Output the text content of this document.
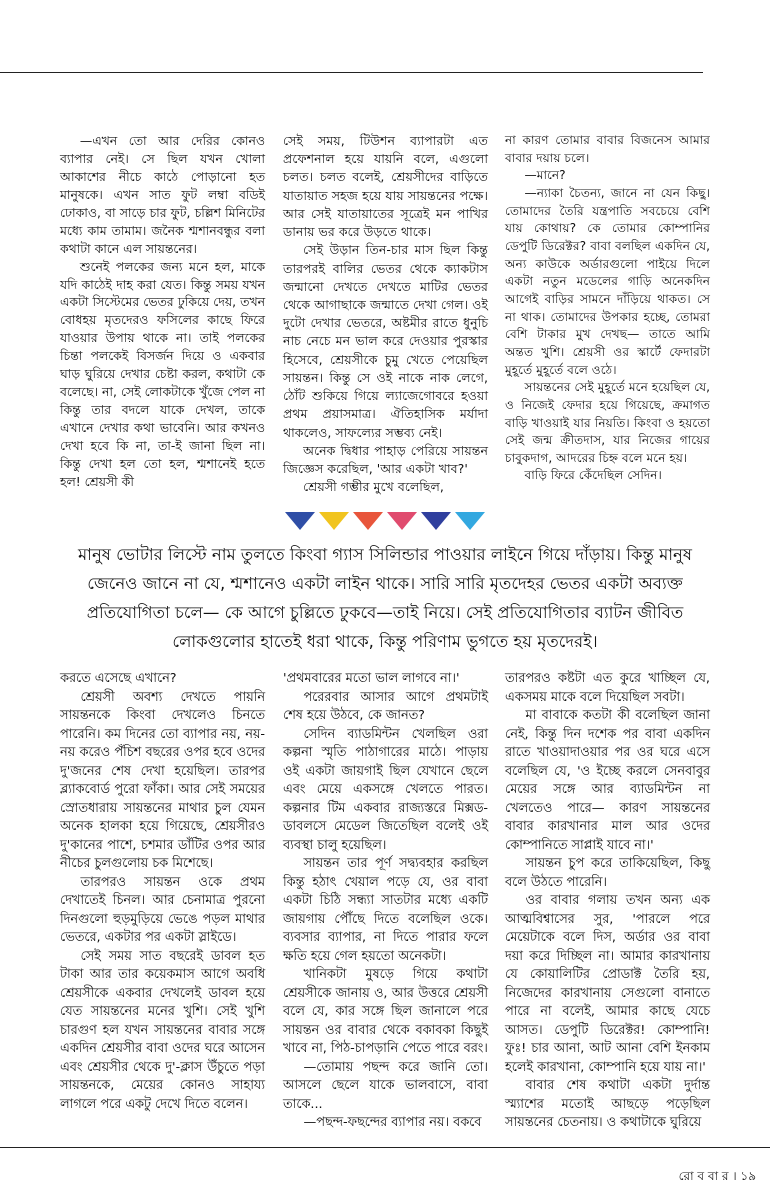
—এখন তো আর দেরির কোনও ব্যাপার নেই। সে ছিল যখন খোলা আকাশের নীচে কাঠে পোড়ানো হত মানুষকে। এখন সাত ফুট লম্বা বডিই ঢোকাও, বা সাড়ে চার ফুট, চল্লিশ মিনিটের মধ্যে কাম তামাম। জনৈক শ্মশানবন্ধুর বলা কথাটা কানে এল সায়ন্তনের।

শুনেই পলকের জন্য মনে হল, মাকে যদি কাঠেই দাহ করা যেত। কিন্তু সময় যখন একটা সিস্টেমের ভেতর ঢুকিয়ে দেয়, তখন বোধহয় মৃতদেরও ফসিলের কাছে ফিরে যাওয়ার উপায় থাকে না। তাই পলকের চিন্তা পলকেই বিসর্জন দিয়ে ও একবার ঘাড় ঘুরিয়ে দেখার চেষ্টা করল, কথাটা কে বলেছে। না, সেই লোকটাকে খুঁজে পেল না কিন্তু তার বদলে যাকে দেখল, তাকে এখানে দেখার কথা ভাবেনি। আর কখনও দেখা হবে কি না, তা-ই জানা ছিল না। কিন্তু দেখা হল তো হল, শ্মশানেই হতে হল! শ্রেয়সী কী

সেই সময়, টিউশন ব্যাপারটা এত প্রফেশনাল হয়ে যায়নি বলে, এগুলো চলত। চলত বলেই, শ্রেয়সীদের বাড়িতে যাতায়াত সহজ হয়ে যায় সায়ন্তনের পক্ষে। আর সেই যাতায়াতের সূত্রেই মন পাখির ডানায় ভর করে উড়তে থাকে।

সেই উড়ান তিন-চার মাস ছিল কিন্তু তারপরই বালির ভেতর থেকে ক্যাকটাস জন্মানো দেখতে দেখতে মাটির ভেতর থেকে আগাছাকে জন্মাতে দেখা গেল। ওই দুটো দেখার ভেতরে, অষ্টমীর রাতে ধুনুচি নাচ নেচে মন ভাল করে দেওয়ার পুরস্কার হিসেবে, শ্রেয়সীকে চুমু খেতে পেয়েছিল সায়ন্তন। কিন্তু সে ওই নাকে নাক লেগে, ঠোঁট শুকিয়ে গিয়ে ল্যাজেগোবরে হওয়া প্রথম প্রয়াসমাত্র। ঐতিহাসিক মর্যাদা থাকলেও, সাফল্যের সম্ভব্য নেই।

অনেক দ্বিধার পাহাড় পেরিয়ে সায়ন্তন জিজ্ঞেস করেছিল, 'আর একটা খাব?'

শ্রেয়সী গম্ভীর মুখে বলেছিল,

না কারণ তোমার বাবার বিজনেস আমার বাবার দয়ায় চলে।

—মানে?

—ন্যাকা চৈতন্য, জানে না যেন কিছু। তোমাদের তৈরি যন্ত্রপাতি সবচেয়ে বেশি যায় কোথায়? কে তোমার কোম্পানির ডেপুটি ডিরেক্টর? বাবা বলছিল একদিন যে, অন্য কাউকে অর্ডারগুলো পাইয়ে দিলে একটা নতুন মডেলের গাড়ি অনেকদিন আগেই বাড়ির সামনে দাঁড়িয়ে থাকত। সে না থাক। তোমাদের উপকার হচ্ছে, তোমরা বেশি টাকার মুখ দেখছ— তাতে আমি অন্তত খুশি। শ্রেয়সী ওর স্কার্টে ফেদারটা মুহূর্তে মুহূর্তে বলে ওঠে।

সায়ন্তনের সেই মুহূর্তে মনে হয়েছিল যে, ও নিজেই ফেদার হয়ে গিয়েছে, ক্রমাগত বাড়ি খাওয়াই যার নিয়তি। কিংবা ও হয়তো সেই জন্ম ক্রীতদাস, যার নিজের গায়ের চাবুকদাগ, আদরের চিহ্ন বলে মনে হয়।

বাড়ি ফিরে কেঁদেছিল সেদিন।

মানুষ ভোটার লিস্টে নাম তুলতে কিংবা গ্যাস সিলিন্ডার পাওয়ার লাইনে গিয়ে দাঁড়ায়। কিন্তু মানুষ
জেনেও জানে না যে, শ্মশানেও একটা লাইন থাকে। সারি সারি মৃতদেহর ভেতর একটা অব্যক্ত
প্রতিযোগিতা চলে— কে আগে চুল্লিতে ঢুকবে—তাই নিয়ে। সেই প্রতিযোগিতার ব্যাটন জীবিত
লোকগুলোর হাতেই ধরা থাকে, কিন্তু পরিণাম ভুগতে হয় মৃতদেরই।

করতে এসেছে এখানে?

শ্রেয়সী অবশ্য দেখতে পায়নি সায়ন্তনকে কিংবা দেখলেও চিনতে পারেনি। কম দিনের তো ব্যাপার নয়, নয়-নয় করেও পঁচিশ বছরের ওপর হবে ওদের দু'জনের শেষ দেখা হয়েছিল। তারপর ব্ল্যাকবোর্ড পুরো ফাঁকা। আর সেই সময়ের স্রোতধারায় সায়ন্তনের মাথার চুল যেমন অনেক হালকা হয়ে গিয়েছে, শ্রেয়সীরও দু'কানের পাশে, চশমার ডাঁটির ওপর আর নীচের চুলগুলোয় চক মিশেছে।

তারপরও সায়ন্তন ওকে প্রথম দেখাতেই চিনল। আর চেনামাত্র পুরনো দিনগুলো হুড়মুড়িয়ে ভেঙে পড়ল মাথার ভেতরে, একটার পর একটা স্লাইডে।

সেই সময় সাত বছরেই ডাবল হত টাকা আর তার কয়েকমাস আগে অবধি শ্রেয়সীকে একবার দেখলেই ডাবল হয়ে যেত সায়ন্তনের মনের খুশি। সেই খুশি চারগুণ হল যখন সায়ন্তনের বাবার সঙ্গে একদিন শ্রেয়সীর বাবা ওদের ঘরে আসেন এবং শ্রেয়সীর থেকে দু'-ক্লাস উঁচুতে পড়া সায়ন্তনকে, মেয়ের কোনও সাহায্য লাগলে পরে একটু দেখে দিতে বলেন।

'প্রথমবারের মতো ভাল লাগবে না।'

পরেরবার আসার আগে প্রথমটাই শেষ হয়ে উঠবে, কে জানত?

সেদিন ব্যাডমিন্টন খেলছিল ওরা কল্পনা স্মৃতি পাঠাগারের মাঠে। পাড়ায় ওই একটা জায়গাই ছিল যেখানে ছেলে এবং মেয়ে একসঙ্গে খেলতে পারত। কল্পনার টিম একবার রাজ্যস্তরে মিক্সড-ডাবলসে মেডেল জিতেছিল বলেই ওই ব্যবস্থা চালু হয়েছিল।

সায়ন্তন তার পূর্ণ সদ্ব্যবহার করছিল কিন্তু হঠাৎ খেয়াল পড়ে যে, ওর বাবা একটা চিঠি সন্ধ্যা সাতটার মধ্যে একটি জায়গায় পৌঁছে দিতে বলেছিল ওকে। ব্যবসার ব্যাপার, না দিতে পারার ফলে ক্ষতি হয়ে গেল হয়তো অনেকটা।

খানিকটা মুষড়ে গিয়ে কথাটা শ্রেয়সীকে জানায় ও, আর উত্তরে শ্রেয়সী বলে যে, কার সঙ্গে ছিল জানালে পরে সায়ন্তন ওর বাবার থেকে বকাবকা কিছুই খাবে না, পিঠ-চাপড়ানি পেতে পারে বরং।

—তোমায় পছন্দ করে জানি তো। আসলে ছেলে যাকে ভালবাসে, বাবা তাকে...

—পছন্দ-ফছন্দের ব্যাপার নয়। বকবে

তারপরও কষ্টটা এত কুরে খাচ্ছিল যে, একসময় মাকে বলে দিয়েছিল সবটা।

মা বাবাকে কতটা কী বলেছিল জানা নেই, কিন্তু দিন দশেক পর বাবা একদিন রাতে খাওয়াদাওয়ার পর ওর ঘরে এসে বলেছিল যে, 'ও ইচ্ছে করলে সেনবাবুর মেয়ের সঙ্গে আর ব্যাডমিন্টন না খেলতেও পারে— কারণ সায়ন্তনের বাবার কারখানার মাল আর ওদের কোম্পানিতে সাপ্লাই যাবে না।'

সায়ন্তন চুপ করে তাকিয়েছিল, কিছু বলে উঠতে পারেনি।

ওর বাবার গলায় তখন অন্য এক আত্মবিশ্বাসের সুর, 'পারলে পরে মেয়েটাকে বলে দিস, অর্ডার ওর বাবা দয়া করে দিচ্ছিল না। আমার কারখানায় যে কোয়ালিটির প্রোডাক্ট তৈরি হয়, নিজেদের কারখানায় সেগুলো বানাতে পারে না বলেই, আমার কাছে যেচে আসত। ডেপুটি ডিরেক্টর! কোম্পানি! ফুঃ! চার আনা, আট আনা বেশি ইনকাম হলেই কারখানা, কোম্পানি হয়ে যায় না।'

বাবার শেষ কথাটা একটা দুর্দান্ত স্ম্যাশের মতোই আছড়ে পড়েছিল সায়ন্তনের চেতনায়। ও কথাটাকে ঘুরিয়ে

রো ব বা র । ১৯
